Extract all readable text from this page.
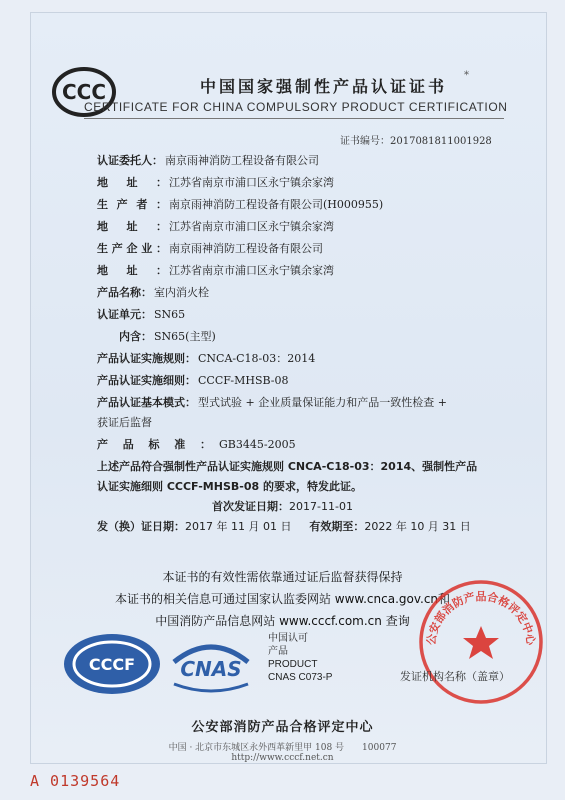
CCC	中国国家强制性产品认证证书
*
CERTIFICATE FOR CHINA COMPULSORY PRODUCT CERTIFICATION
证书编号：2017081811001928
认证委托人： 南京雨神消防工程设备有限公司
地址： 江苏省南京市浦口区永宁镇余家湾
生产者： 南京雨神消防工程设备有限公司(H000955)
地址： 江苏省南京市浦口区永宁镇余家湾
生产企业： 南京雨神消防工程设备有限公司
地址： 江苏省南京市浦口区永宁镇余家湾
产品名称： 室内消火栓
认证单元： SN65
内含： SN65(主型)
产品认证实施规则： CNCA-C18-03：2014
产品认证实施细则： CCCF-MHSB-08
产品认证基本模式： 型式试验 + 企业质量保证能力和产品一致性检查 +
获证后监督
产品标准： GB3445-2005
上述产品符合强制性产品认证实施规则 CNCA-C18-03：2014、强制性产品
认证实施细则 CCCF-MHSB-08 的要求，特发此证。
首次发证日期：2017-11-01
发（换）证日期：2017 年 11 月 01 日 有效期至：2022 年 10 月 31 日
本证书的有效性需依靠通过证后监督获得保持
本证书的相关信息可通过国家认监委网站 www.cnca.gov.cn和
中国消防产品信息网站 www.cccf.com.cn 查询
CCCF CNAS
中国认可
产品
PRODUCT
CNAS C073-P
公安部消防产品合格评定中心
发证机构名称（盖章）
公安部消防产品合格评定中心
中国 · 北京市东城区永外西革新里甲 108 号　　100077
http://www.cccf.net.cn
A 0139564
